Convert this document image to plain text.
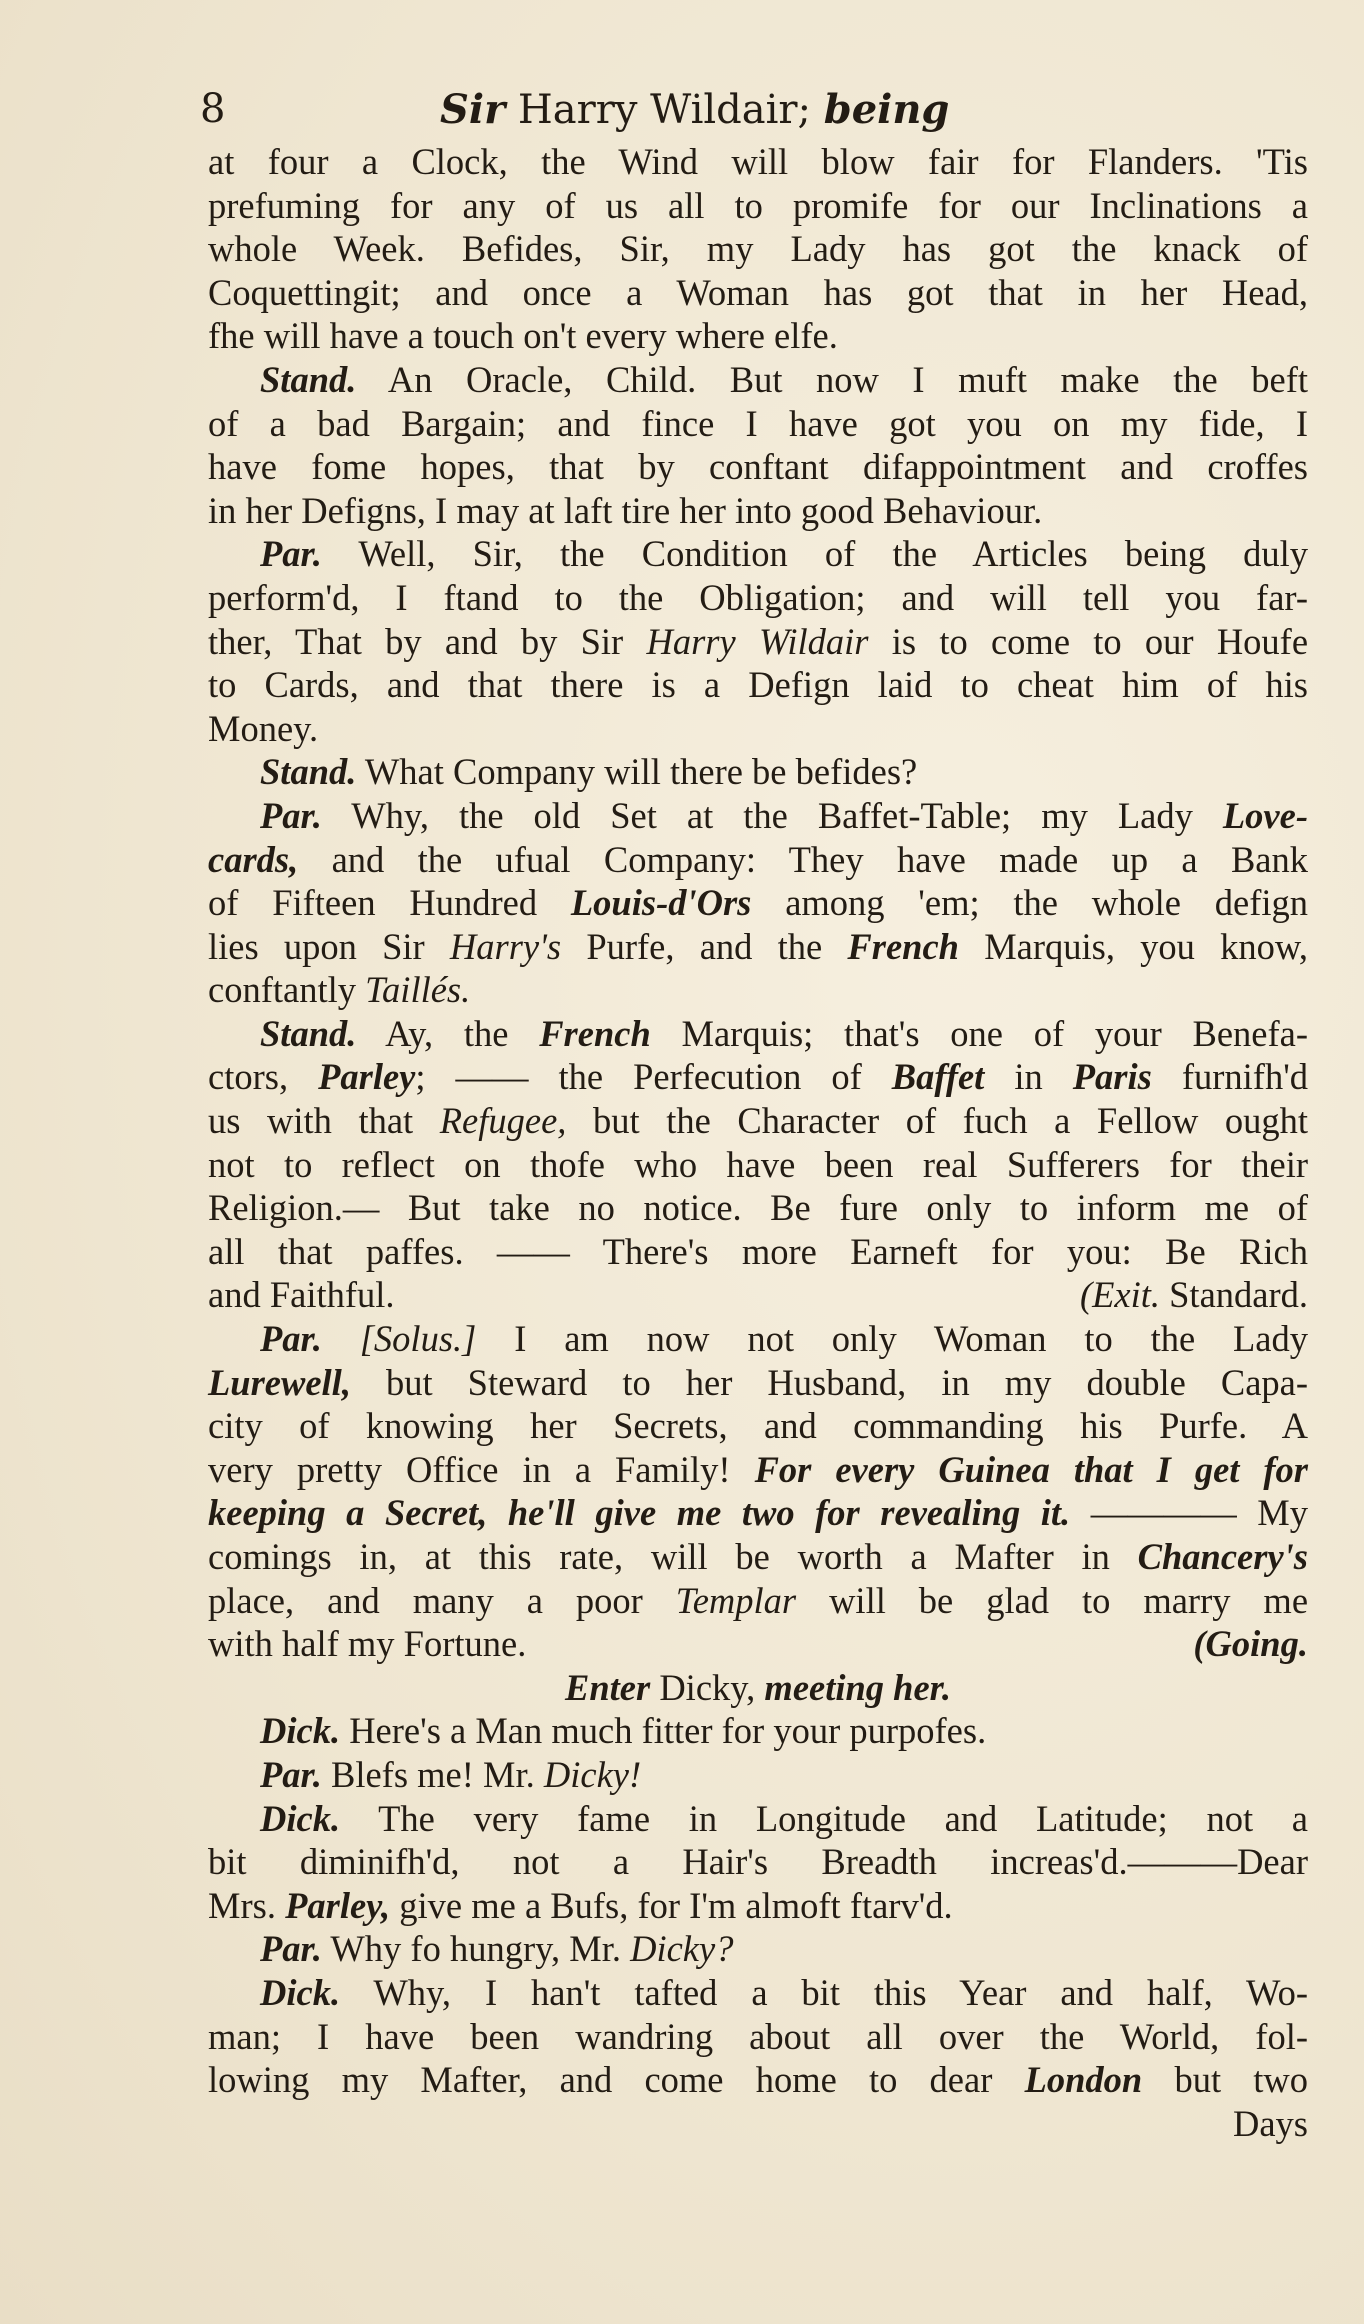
8	Sir Harry Wildair; being
at four a Clock, the Wind will blow fair for Flanders. 'Tis
prefuming for any of us all to promife for our Inclinations a
whole Week. Befides, Sir, my Lady has got the knack of
Coquettingit; and once a Woman has got that in her Head,
fhe will have a touch on't every where elfe.
Stand. An Oracle, Child. But now I muft make the beft
of a bad Bargain; and fince I have got you on my fide, I
have fome hopes, that by conftant difappointment and croffes
in her Defigns, I may at laft tire her into good Behaviour.
Par. Well, Sir, the Condition of the Articles being duly
perform'd, I ftand to the Obligation; and will tell you far-
ther, That by and by Sir Harry Wildair is to come to our Houfe
to Cards, and that there is a Defign laid to cheat him of his
Money.
Stand. What Company will there be befides?
Par. Why, the old Set at the Baffet-Table; my Lady Love-
cards, and the ufual Company: They have made up a Bank
of Fifteen Hundred Louis-d'Ors among 'em; the whole defign
lies upon Sir Harry's Purfe, and the French Marquis, you know,
conftantly Taillés.
Stand. Ay, the French Marquis; that's one of your Benefa-
ctors, Parley; —— the Perfecution of Baffet in Paris furnifh'd
us with that Refugee, but the Character of fuch a Fellow ought
not to reflect on thofe who have been real Sufferers for their
Religion.— But take no notice. Be fure only to inform me of
all that paffes. —— There's more Earneft for you: Be Rich
and Faithful.	(Exit. Standard.
Par. [Solus.] I am now not only Woman to the Lady
Lurewell, but Steward to her Husband, in my double Capa-
city of knowing her Secrets, and commanding his Purfe. A
very pretty Office in a Family! For every Guinea that I get for
keeping a Secret, he'll give me two for revealing it. ———— My
comings in, at this rate, will be worth a Mafter in Chancery's
place, and many a poor Templar will be glad to marry me
with half my Fortune.	(Going.
Enter Dicky, meeting her.
Dick. Here's a Man much fitter for your purpofes.
Par. Blefs me! Mr. Dicky!
Dick. The very fame in Longitude and Latitude; not a
bit diminifh'd, not a Hair's Breadth increas'd.———Dear
Mrs. Parley, give me a Bufs, for I'm almoft ftarv'd.
Par. Why fo hungry, Mr. Dicky?
Dick. Why, I han't tafted a bit this Year and half, Wo-
man; I have been wandring about all over the World, fol-
lowing my Mafter, and come home to dear London but two
Days
